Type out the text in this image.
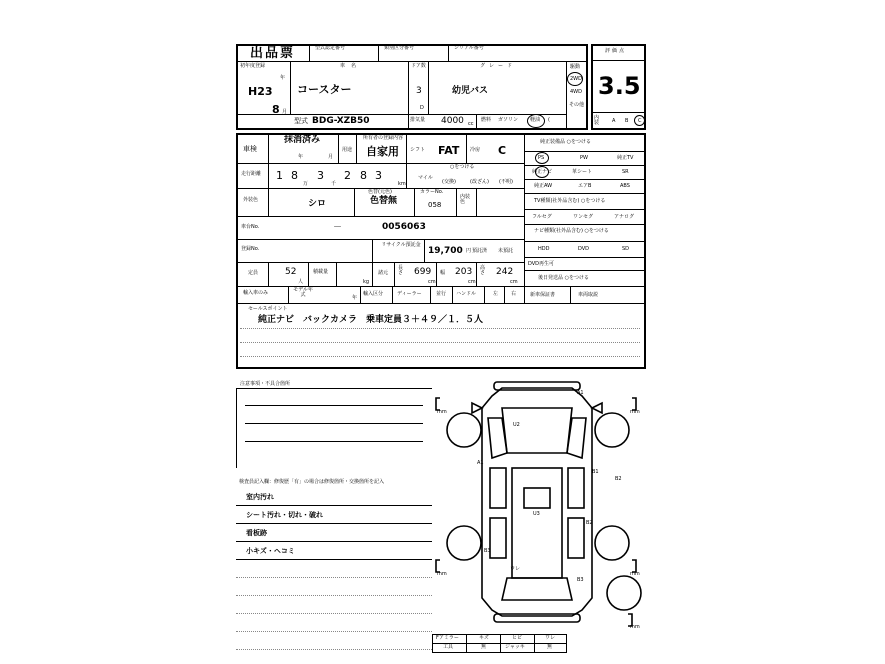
出品票	型式認定番号	類別区分番号	シリアル番号
初年度登録
H23
年
8 月
車名
コースター
ドア数
3
D
グレード
幼児バス
駆動
2WD
4WD
その他
型式 BDG-XZB50	排気量 4000 cc
燃料 ガソリン 軽油 (
評価点
3.5
内装	A B C
車検
抹消済み
年	月
用途
所有者の登録内容
自家用 シフト FAT 冷房 C
走行距離 1 8
万
3
千
2 8 3
km
○をつける
マイル
(交換)	(改ざん) (不明)
外装色	シロ
色替(元色)
色替無
カラーNo.
058
内装色
車台No.	－	0056063
登録No.
リサイクル預託金
19,700 円 預託済 未預託
定員	52
人
積載量
kg
諸元
長さ 699
cm
幅 203
cm
高さ 242
cm
輸入車のみ	モデル年式	年
輸入区分	ディーラー	並行 ハンドル	左	右
純正装備品 ○をつける
PS	PW	純正TV
純正ナビ	革シート	SR
純正AW	エアB	ABS
TV種類(社外品含む) ○をつける
フルセグ	ワンセグ	アナログ
ナビ種類(社外品含む) ○をつける
HDD	DVD	SD
DVD再生可
後日発送品 ○をつける
新車保証書	車両取説
セールスポイント
純正ナビ　バックカメラ　乗車定員３＋４９／１．５人
注意事項・不具合箇所
検査員記入欄：修復歴「有」の場合は修復箇所・交換箇所を記入
室内汚れ
シート汚れ・切れ・破れ
看板跡
小キズ・ヘコミ
A1
U2
A1
B1
B2
U3
B2
B3
B3
ウレ
mm	mm
mm	mm
mm
Fアミラー	キズ	ヒビ	ワレ
工具	無	ジャッキ	無
